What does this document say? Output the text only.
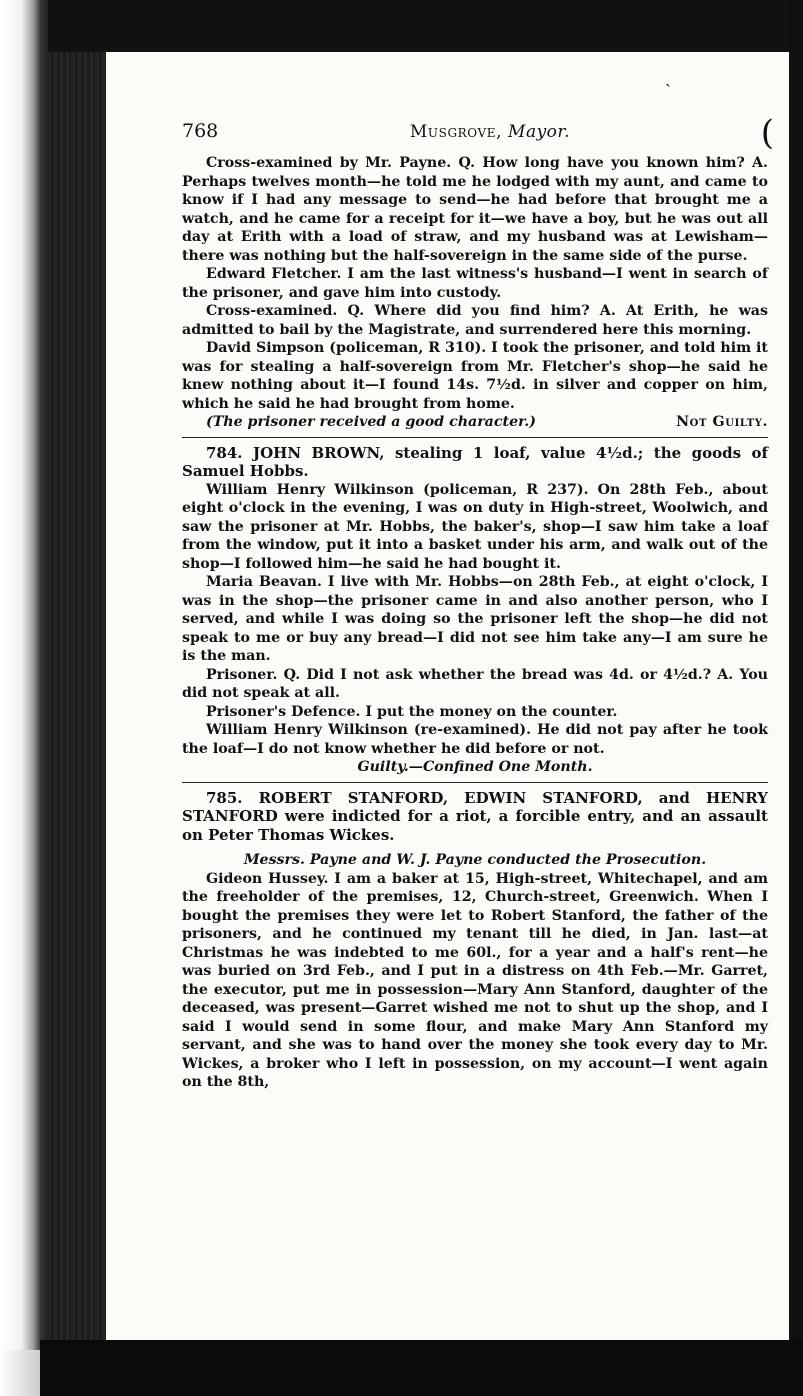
ˋ
768	Musgrove, Mayor.	(

Cross-examined by Mr. Payne. Q. How long have you known him? A. Perhaps twelves month—he told me he lodged with my aunt, and came to know if I had any message to send—he had before that brought me a watch, and he came for a receipt for it—we have a boy, but he was out all day at Erith with a load of straw, and my husband was at Lewisham—there was nothing but the half-sovereign in the same side of the purse.

Edward Fletcher. I am the last witness's husband—I went in search of the prisoner, and gave him into custody.

Cross-examined. Q. Where did you find him? A. At Erith, he was admitted to bail by the Magistrate, and surrendered here this morning.

David Simpson (policeman, R 310). I took the prisoner, and told him it was for stealing a half-sovereign from Mr. Fletcher's shop—he said he knew nothing about it—I found 14s. 7½d. in silver and copper on him, which he said he had brought from home.

(The prisoner received a good character.)	Not Guilty.

784. JOHN BROWN, stealing 1 loaf, value 4½d.; the goods of Samuel Hobbs.

William Henry Wilkinson (policeman, R 237). On 28th Feb., about eight o'clock in the evening, I was on duty in High-street, Woolwich, and saw the prisoner at Mr. Hobbs, the baker's, shop—I saw him take a loaf from the window, put it into a basket under his arm, and walk out of the shop—I followed him—he said he had bought it.

Maria Beavan. I live with Mr. Hobbs—on 28th Feb., at eight o'clock, I was in the shop—the prisoner came in and also another person, who I served, and while I was doing so the prisoner left the shop—he did not speak to me or buy any bread—I did not see him take any—I am sure he is the man.

Prisoner. Q. Did I not ask whether the bread was 4d. or 4½d.? A. You did not speak at all.

Prisoner's Defence. I put the money on the counter.

William Henry Wilkinson (re-examined). He did not pay after he took the loaf—I do not know whether he did before or not.

Guilty.—Confined One Month.

785. ROBERT STANFORD, EDWIN STANFORD, and HENRY STANFORD were indicted for a riot, a forcible entry, and an assault on Peter Thomas Wickes.

Messrs. Payne and W. J. Payne conducted the Prosecution.

Gideon Hussey. I am a baker at 15, High-street, Whitechapel, and am the freeholder of the premises, 12, Church-street, Greenwich. When I bought the premises they were let to Robert Stanford, the father of the prisoners, and he continued my tenant till he died, in Jan. last—at Christmas he was indebted to me 60l., for a year and a half's rent—he was buried on 3rd Feb., and I put in a distress on 4th Feb.—Mr. Garret, the executor, put me in possession—Mary Ann Stanford, daughter of the deceased, was present—Garret wished me not to shut up the shop, and I said I would send in some flour, and make Mary Ann Stanford my servant, and she was to hand over the money she took every day to Mr. Wickes, a broker who I left in possession, on my account—I went again on the 8th,
